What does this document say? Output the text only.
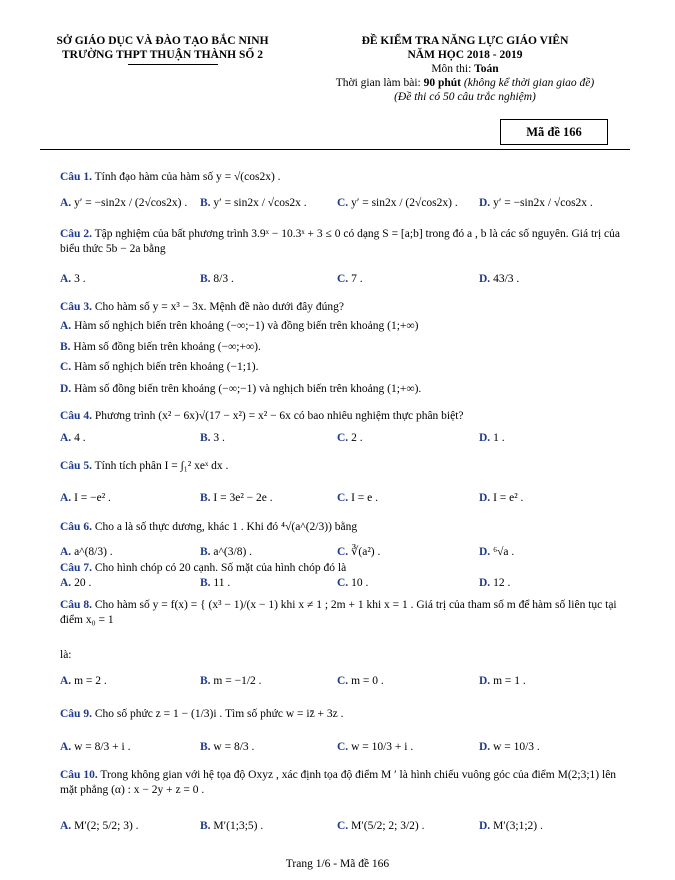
SỞ GIÁO DỤC VÀ ĐÀO TẠO BẮC NINH
TRƯỜNG THPT THUẬN THÀNH SỐ 2
ĐỀ KIỂM TRA NĂNG LỰC GIÁO VIÊN
NĂM HỌC 2018 - 2019
Môn thi: Toán
Thời gian làm bài: 90 phút (không kể thời gian giao đề)
(Đề thi có 50 câu trắc nghiệm)
Mã đề 166
Câu 1. Tính đạo hàm của hàm số y = √(cos2x) .
A. y′ = −sin2x / (2√cos2x) . B. y′ = sin2x / √cos2x .	C. y′ = sin2x / (2√cos2x) . D. y′ = −sin2x / √cos2x .
Câu 2. Tập nghiệm của bất phương trình 3.9ˣ − 10.3ˣ + 3 ≤ 0 có dạng S = [a;b] trong đó a , b là các số nguyên. Giá trị của biểu thức 5b − 2a bằng
A. 3 .	B. 8/3 .	C. 7 .	D. 43/3 .
Câu 3. Cho hàm số y = x³ − 3x. Mệnh đề nào dưới đây đúng?
A. Hàm số nghịch biến trên khoảng (−∞;−1) và đồng biến trên khoảng (1;+∞)
B. Hàm số đồng biến trên khoảng (−∞;+∞).
C. Hàm số nghịch biến trên khoảng (−1;1).
D. Hàm số đồng biến trên khoảng (−∞;−1) và nghịch biến trên khoảng (1;+∞).
Câu 4. Phương trình (x² − 6x)√(17 − x²) = x² − 6x có bao nhiêu nghiệm thực phân biệt?
A. 4 .	B. 3 .	C. 2 .	D. 1 .
Câu 5. Tính tích phân I = ∫₁² xeˣ dx .
A. I = −e² .	B. I = 3e² − 2e .	C. I = e .	D. I = e² .
Câu 6. Cho a là số thực dương, khác 1 . Khi đó ⁴√(a^(2/3)) bằng
A. a^(8/3) .	B. a^(3/8) .	C. ∛(a²) .	D. ⁶√a .
Câu 7. Cho hình chóp có 20 cạnh. Số mặt của hình chóp đó là
A. 20 .	B. 11 .	C. 10 .	D. 12 .
Câu 8. Cho hàm số y = f(x) = { (x³ − 1)/(x − 1) khi x ≠ 1 ; 2m + 1 khi x = 1 . Giá trị của tham số m để hàm số liên tục tại điểm x₀ = 1
là:
A. m = 2 .	B. m = −1/2 .	C. m = 0 .	D. m = 1 .
Câu 9. Cho số phức z = 1 − (1/3)i . Tìm số phức w = iz̄ + 3z .
A. w = 8/3 + i .	B. w = 8/3 .	C. w = 10/3 + i .	D. w = 10/3 .
Câu 10. Trong không gian với hệ tọa độ Oxyz , xác định tọa độ điểm M ′ là hình chiếu vuông góc của điểm M(2;3;1) lên mặt phẳng (α) : x − 2y + z = 0 .
A. M′(2; 5/2; 3) .	B. M′(1;3;5) .	C. M′(5/2; 2; 3/2) .	D. M′(3;1;2) .
Trang 1/6 - Mã đề 166
